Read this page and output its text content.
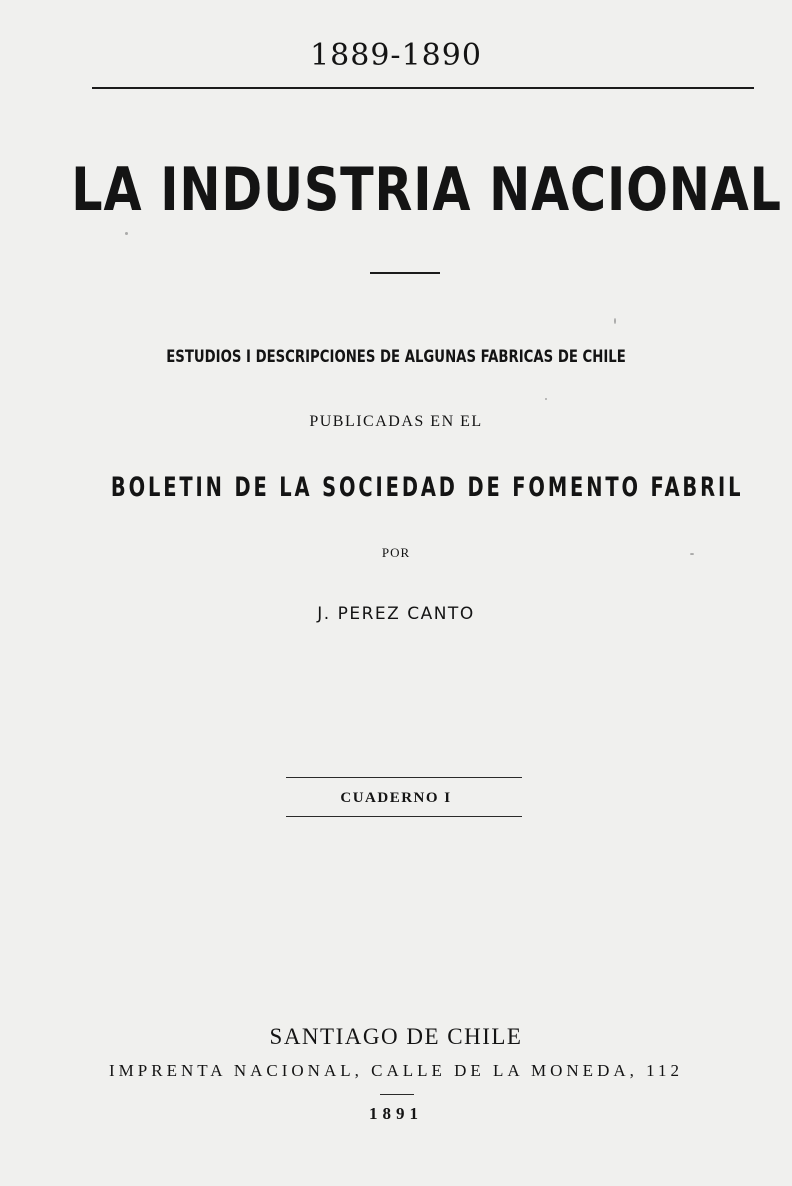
1889-1890
LA INDUSTRIA NACIONAL
ESTUDIOS I DESCRIPCIONES DE ALGUNAS FABRICAS DE CHILE
PUBLICADAS EN EL
BOLETIN DE LA SOCIEDAD DE FOMENTO FABRIL
POR
J. PEREZ CANTO
CUADERNO I
SANTIAGO DE CHILE
IMPRENTA NACIONAL, CALLE DE LA MONEDA, 112
1891
